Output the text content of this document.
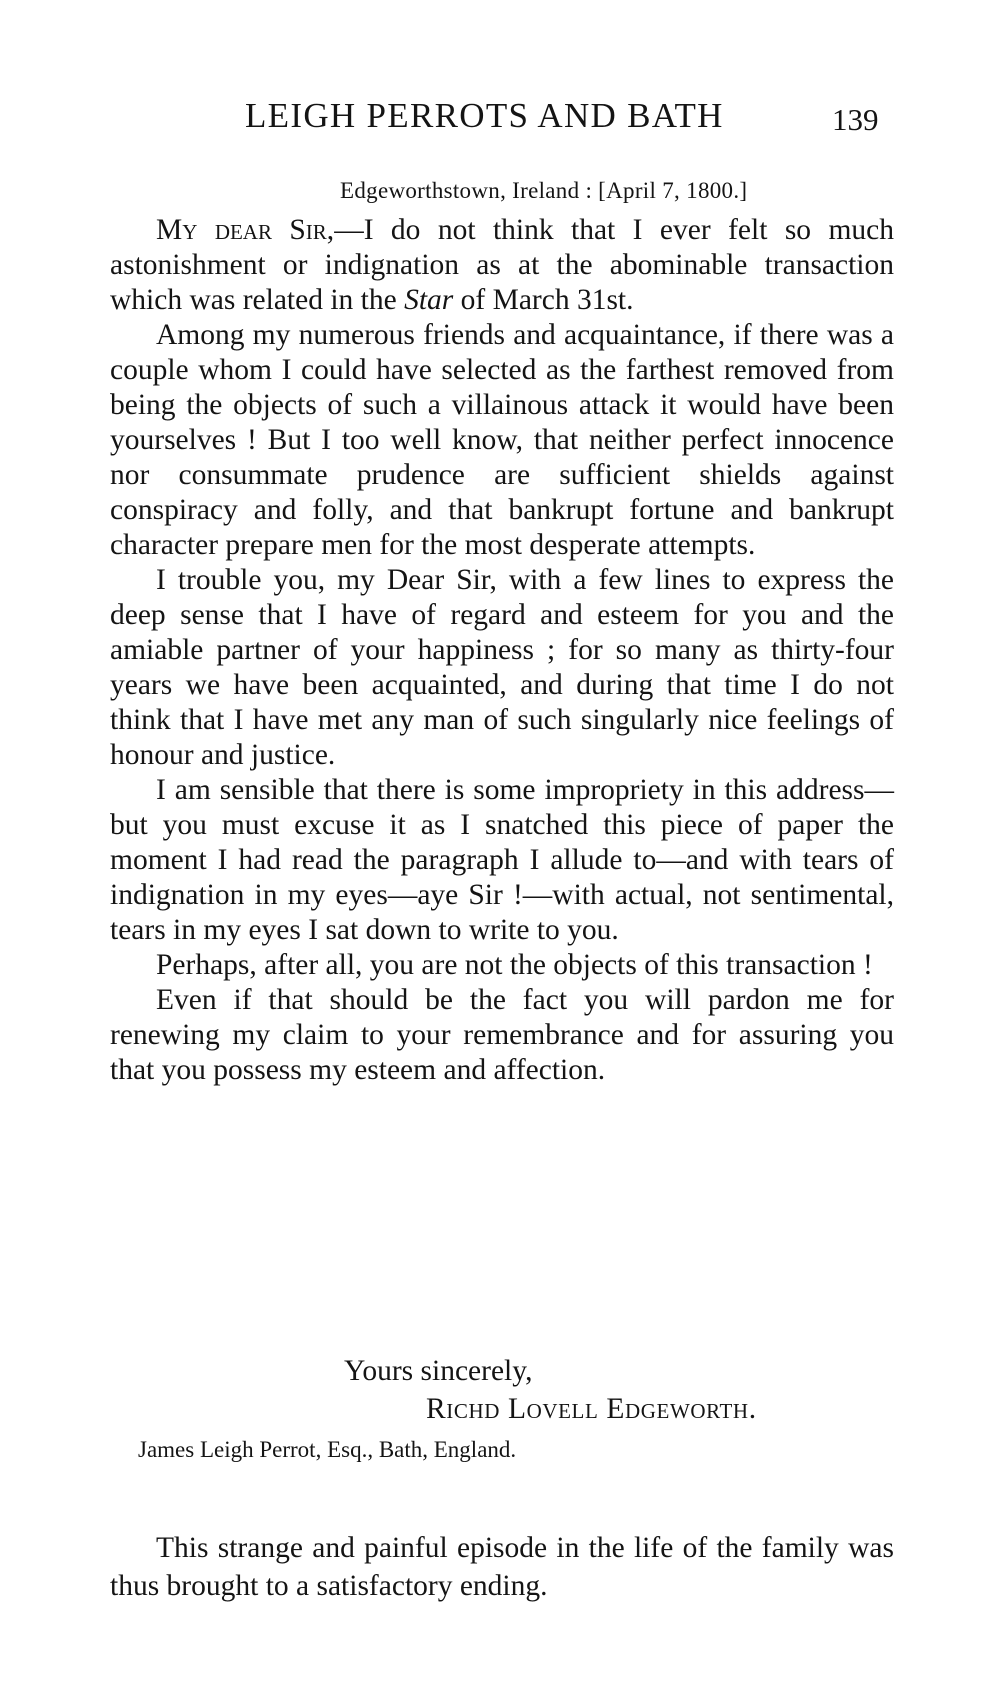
LEIGH PERROTS AND BATH	139
Edgeworthstown, Ireland : [April 7, 1800.]

My dear Sir,—I do not think that I ever felt so much astonishment or indignation as at the abominable transaction which was related in the Star of March 31st.

Among my numerous friends and acquaintance, if there was a couple whom I could have selected as the farthest removed from being the objects of such a villainous attack it would have been yourselves ! But I too well know, that neither perfect innocence nor consummate prudence are sufficient shields against conspiracy and folly, and that bankrupt fortune and bankrupt character prepare men for the most desperate attempts.

I trouble you, my Dear Sir, with a few lines to express the deep sense that I have of regard and esteem for you and the amiable partner of your happiness ; for so many as thirty-four years we have been acquainted, and during that time I do not think that I have met any man of such singularly nice feelings of honour and justice.

I am sensible that there is some impropriety in this address—but you must excuse it as I snatched this piece of paper the moment I had read the paragraph I allude to—and with tears of indignation in my eyes—aye Sir !—with actual, not sentimental, tears in my eyes I sat down to write to you.

Perhaps, after all, you are not the objects of this transaction !

Even if that should be the fact you will pardon me for renewing my claim to your remembrance and for assuring you that you possess my esteem and affection.

Yours sincerely,
Richd Lovell Edgeworth.
James Leigh Perrot, Esq., Bath, England.

This strange and painful episode in the life of the family was thus brought to a satisfactory ending.
